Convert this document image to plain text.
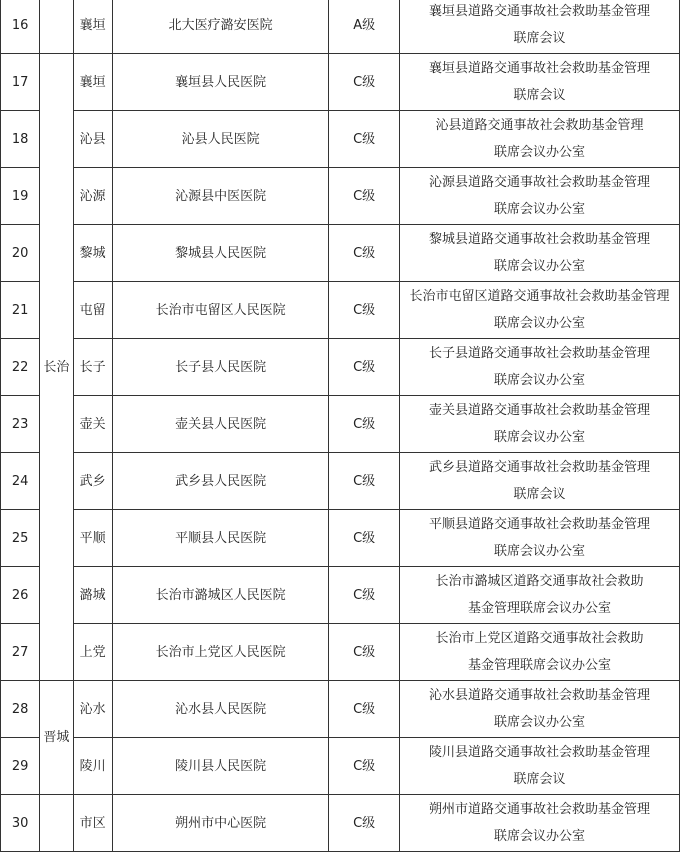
16		襄垣	北大医疗潞安医院	A级	襄垣县道路交通事故社会救助基金管理
联席会议

17	长治	襄垣	襄垣县人民医院	C级	襄垣县道路交通事故社会救助基金管理
联席会议

18		沁县	沁县人民医院	C级	沁县道路交通事故社会救助基金管理
联席会议办公室

19		沁源	沁源县中医医院	C级	沁源县道路交通事故社会救助基金管理
联席会议办公室

20		黎城	黎城县人民医院	C级	黎城县道路交通事故社会救助基金管理
联席会议办公室

21		屯留	长治市屯留区人民医院	C级	长治市屯留区道路交通事故社会救助基金管理
联席会议办公室

22		长子	长子县人民医院	C级	长子县道路交通事故社会救助基金管理
联席会议办公室

23		壶关	壶关县人民医院	C级	壶关县道路交通事故社会救助基金管理
联席会议办公室

24		武乡	武乡县人民医院	C级	武乡县道路交通事故社会救助基金管理
联席会议

25		平顺	平顺县人民医院	C级	平顺县道路交通事故社会救助基金管理
联席会议办公室

26		潞城	长治市潞城区人民医院	C级	长治市潞城区道路交通事故社会救助
基金管理联席会议办公室

27		上党	长治市上党区人民医院	C级	长治市上党区道路交通事故社会救助
基金管理联席会议办公室

28	晋城	沁水	沁水县人民医院	C级	沁水县道路交通事故社会救助基金管理
联席会议办公室

29		陵川	陵川县人民医院	C级	陵川县道路交通事故社会救助基金管理
联席会议

30		市区	朔州市中心医院	C级	朔州市道路交通事故社会救助基金管理
联席会议办公室
